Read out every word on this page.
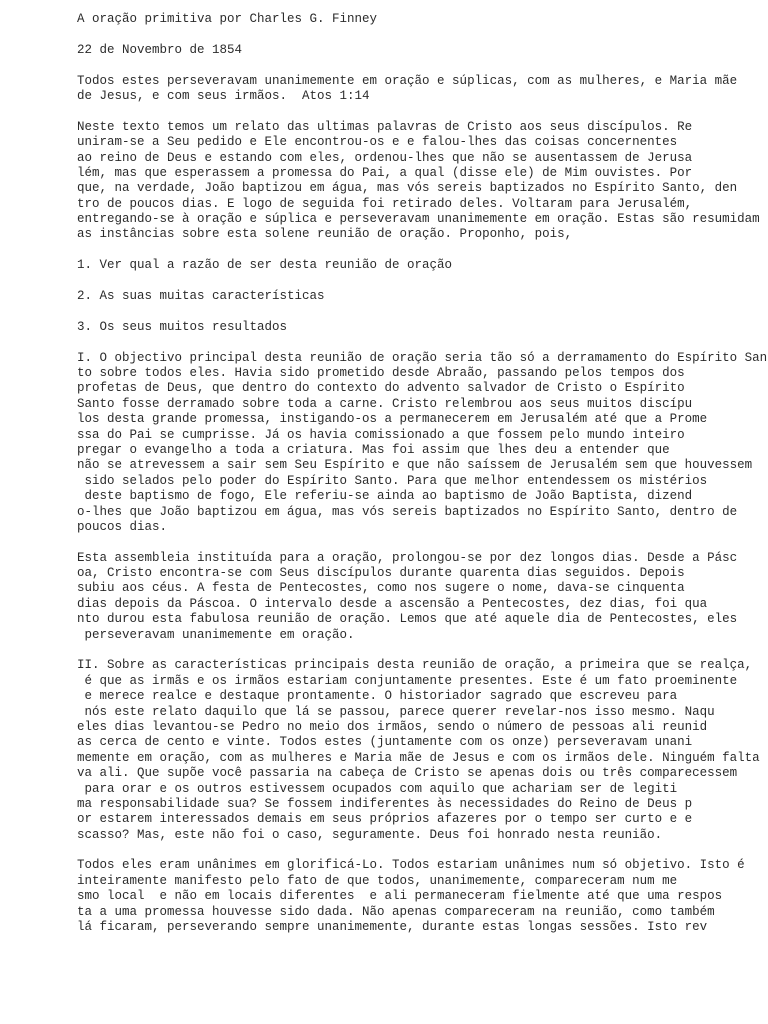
A oração primitiva por Charles G. Finney
22 de Novembro de 1854
Todos estes perseveravam unanimemente em oração e súplicas, com as mulheres, e Maria mãe
de Jesus, e com seus irmãos.  Atos 1:14
Neste texto temos um relato das ultimas palavras de Cristo aos seus discípulos. Re
uniram-se a Seu pedido e Ele encontrou-os e e falou-lhes das coisas concernentes
ao reino de Deus e estando com eles, ordenou-lhes que não se ausentassem de Jerusa
lém, mas que esperassem a promessa do Pai, a qual (disse ele) de Mim ouvistes. Por
que, na verdade, João baptizou em água, mas vós sereis baptizados no Espírito Santo, den
tro de poucos dias. E logo de seguida foi retirado deles. Voltaram para Jerusalém,
entregando-se à oração e súplica e perseveravam unanimemente em oração. Estas são resumidam
as instâncias sobre esta solene reunião de oração. Proponho, pois,
1. Ver qual a razão de ser desta reunião de oração
2. As suas muitas características
3. Os seus muitos resultados
I. O objectivo principal desta reunião de oração seria tão só a derramamento do Espírito San
to sobre todos eles. Havia sido prometido desde Abraão, passando pelos tempos dos
profetas de Deus, que dentro do contexto do advento salvador de Cristo o Espírito
Santo fosse derramado sobre toda a carne. Cristo relembrou aos seus muitos discípu
los desta grande promessa, instigando-os a permanecerem em Jerusalém até que a Prome
ssa do Pai se cumprisse. Já os havia comissionado a que fossem pelo mundo inteiro
pregar o evangelho a toda a criatura. Mas foi assim que lhes deu a entender que
não se atrevessem a sair sem Seu Espírito e que não saíssem de Jerusalém sem que houvessem
sido selados pelo poder do Espírito Santo. Para que melhor entendessem os mistérios
deste baptismo de fogo, Ele referiu-se ainda ao baptismo de João Baptista, dizend
o-lhes que João baptizou em água, mas vós sereis baptizados no Espírito Santo, dentro de
poucos dias.
Esta assembleia instituída para a oração, prolongou-se por dez longos dias. Desde a Pásc
oa, Cristo encontra-se com Seus discípulos durante quarenta dias seguidos. Depois
subiu aos céus. A festa de Pentecostes, como nos sugere o nome, dava-se cinquenta
dias depois da Páscoa. O intervalo desde a ascensão a Pentecostes, dez dias, foi qua
nto durou esta fabulosa reunião de oração. Lemos que até aquele dia de Pentecostes, eles
perseveravam unanimemente em oração.
II. Sobre as características principais desta reunião de oração, a primeira que se realça,
é que as irmãs e os irmãos estariam conjuntamente presentes. Este é um fato proeminente
e merece realce e destaque prontamente. O historiador sagrado que escreveu para
nós este relato daquilo que lá se passou, parece querer revelar-nos isso mesmo. Naqu
eles dias levantou-se Pedro no meio dos irmãos, sendo o número de pessoas ali reunid
as cerca de cento e vinte. Todos estes (juntamente com os onze) perseveravam unani
memente em oração, com as mulheres e Maria mãe de Jesus e com os irmãos dele. Ninguém falta
va ali. Que supõe você passaria na cabeça de Cristo se apenas dois ou três comparecessem
para orar e os outros estivessem ocupados com aquilo que achariam ser de legiti
ma responsabilidade sua? Se fossem indiferentes às necessidades do Reino de Deus p
or estarem interessados demais em seus próprios afazeres por o tempo ser curto e e
scasso? Mas, este não foi o caso, seguramente. Deus foi honrado nesta reunião.
Todos eles eram unânimes em glorificá-Lo. Todos estariam unânimes num só objetivo. Isto é
inteiramente manifesto pelo fato de que todos, unanimemente, compareceram num me
smo local  e não em locais diferentes  e ali permaneceram fielmente até que uma respos
ta a uma promessa houvesse sido dada. Não apenas compareceram na reunião, como também
lá ficaram, perseverando sempre unanimemente, durante estas longas sessões. Isto rev
